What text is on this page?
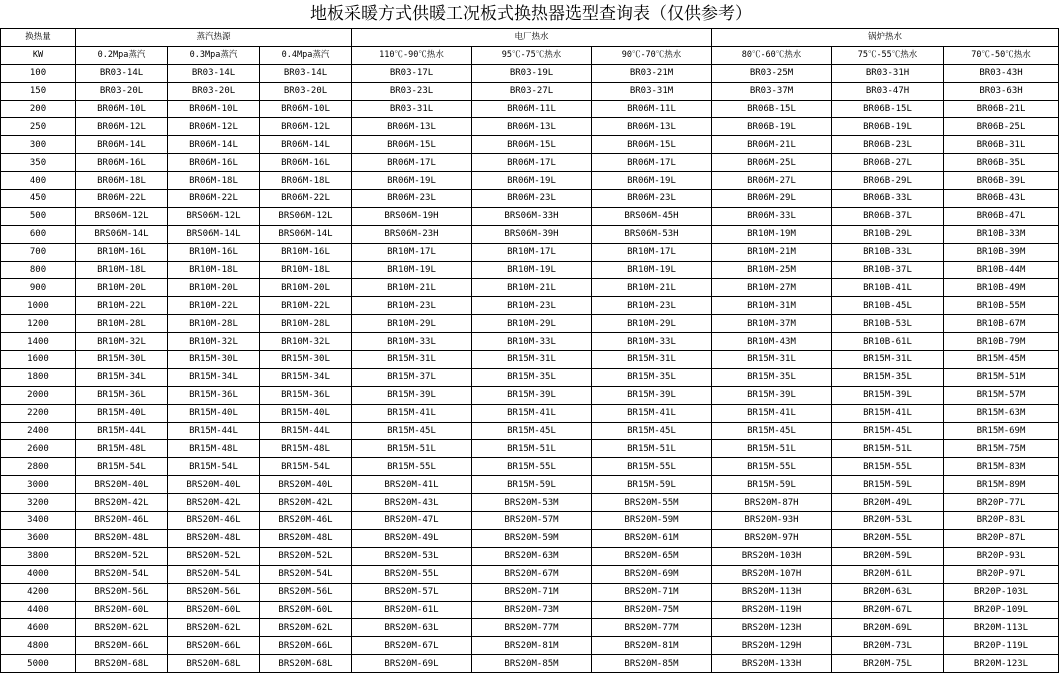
地板采暖方式供暖工况板式换热器选型查询表（仅供参考）
换热量	蒸汽热源			电厂热水			锅炉热水		
KW	0.2Mpa蒸汽	0.3Mpa蒸汽	0.4Mpa蒸汽	110℃-90℃热水	95℃-75℃热水	90℃-70℃热水	80℃-60℃热水	75℃-55℃热水	70℃-50℃热水
100	BR03-14L	BR03-14L	BR03-14L	BR03-17L	BR03-19L	BR03-21M	BR03-25M	BR03-31H	BR03-43H
150	BR03-20L	BR03-20L	BR03-20L	BR03-23L	BR03-27L	BR03-31M	BR03-37M	BR03-47H	BR03-63H
200	BR06M-10L	BR06M-10L	BR06M-10L	BR03-31L	BR06M-11L	BR06M-11L	BR06B-15L	BR06B-15L	BR06B-21L
250	BR06M-12L	BR06M-12L	BR06M-12L	BR06M-13L	BR06M-13L	BR06M-13L	BR06B-19L	BR06B-19L	BR06B-25L
300	BR06M-14L	BR06M-14L	BR06M-14L	BR06M-15L	BR06M-15L	BR06M-15L	BR06M-21L	BR06B-23L	BR06B-31L
350	BR06M-16L	BR06M-16L	BR06M-16L	BR06M-17L	BR06M-17L	BR06M-17L	BR06M-25L	BR06B-27L	BR06B-35L
400	BR06M-18L	BR06M-18L	BR06M-18L	BR06M-19L	BR06M-19L	BR06M-19L	BR06M-27L	BR06B-29L	BR06B-39L
450	BR06M-22L	BR06M-22L	BR06M-22L	BR06M-23L	BR06M-23L	BR06M-23L	BR06M-29L	BR06B-33L	BR06B-43L
500	BRS06M-12L	BRS06M-12L	BRS06M-12L	BRS06M-19H	BRS06M-33H	BRS06M-45H	BR06M-33L	BR06B-37L	BR06B-47L
600	BRS06M-14L	BRS06M-14L	BRS06M-14L	BRS06M-23H	BRS06M-39H	BRS06M-53H	BR10M-19M	BR10B-29L	BR10B-33M
700	BR10M-16L	BR10M-16L	BR10M-16L	BR10M-17L	BR10M-17L	BR10M-17L	BR10M-21M	BR10B-33L	BR10B-39M
800	BR10M-18L	BR10M-18L	BR10M-18L	BR10M-19L	BR10M-19L	BR10M-19L	BR10M-25M	BR10B-37L	BR10B-44M
900	BR10M-20L	BR10M-20L	BR10M-20L	BR10M-21L	BR10M-21L	BR10M-21L	BR10M-27M	BR10B-41L	BR10B-49M
1000	BR10M-22L	BR10M-22L	BR10M-22L	BR10M-23L	BR10M-23L	BR10M-23L	BR10M-31M	BR10B-45L	BR10B-55M
1200	BR10M-28L	BR10M-28L	BR10M-28L	BR10M-29L	BR10M-29L	BR10M-29L	BR10M-37M	BR10B-53L	BR10B-67M
1400	BR10M-32L	BR10M-32L	BR10M-32L	BR10M-33L	BR10M-33L	BR10M-33L	BR10M-43M	BR10B-61L	BR10B-79M
1600	BR15M-30L	BR15M-30L	BR15M-30L	BR15M-31L	BR15M-31L	BR15M-31L	BR15M-31L	BR15M-31L	BR15M-45M
1800	BR15M-34L	BR15M-34L	BR15M-34L	BR15M-37L	BR15M-35L	BR15M-35L	BR15M-35L	BR15M-35L	BR15M-51M
2000	BR15M-36L	BR15M-36L	BR15M-36L	BR15M-39L	BR15M-39L	BR15M-39L	BR15M-39L	BR15M-39L	BR15M-57M
2200	BR15M-40L	BR15M-40L	BR15M-40L	BR15M-41L	BR15M-41L	BR15M-41L	BR15M-41L	BR15M-41L	BR15M-63M
2400	BR15M-44L	BR15M-44L	BR15M-44L	BR15M-45L	BR15M-45L	BR15M-45L	BR15M-45L	BR15M-45L	BR15M-69M
2600	BR15M-48L	BR15M-48L	BR15M-48L	BR15M-51L	BR15M-51L	BR15M-51L	BR15M-51L	BR15M-51L	BR15M-75M
2800	BR15M-54L	BR15M-54L	BR15M-54L	BR15M-55L	BR15M-55L	BR15M-55L	BR15M-55L	BR15M-55L	BR15M-83M
3000	BRS20M-40L	BRS20M-40L	BRS20M-40L	BRS20M-41L	BR15M-59L	BR15M-59L	BR15M-59L	BR15M-59L	BR15M-89M
3200	BRS20M-42L	BRS20M-42L	BRS20M-42L	BRS20M-43L	BRS20M-53M	BRS20M-55M	BRS20M-87H	BR20M-49L	BR20P-77L
3400	BRS20M-46L	BRS20M-46L	BRS20M-46L	BRS20M-47L	BRS20M-57M	BRS20M-59M	BRS20M-93H	BR20M-53L	BR20P-83L
3600	BRS20M-48L	BRS20M-48L	BRS20M-48L	BRS20M-49L	BRS20M-59M	BRS20M-61M	BRS20M-97H	BR20M-55L	BR20P-87L
3800	BRS20M-52L	BRS20M-52L	BRS20M-52L	BRS20M-53L	BRS20M-63M	BRS20M-65M	BRS20M-103H	BR20M-59L	BR20P-93L
4000	BRS20M-54L	BRS20M-54L	BRS20M-54L	BRS20M-55L	BRS20M-67M	BRS20M-69M	BRS20M-107H	BR20M-61L	BR20P-97L
4200	BRS20M-56L	BRS20M-56L	BRS20M-56L	BRS20M-57L	BRS20M-71M	BRS20M-71M	BRS20M-113H	BR20M-63L	BR20P-103L
4400	BRS20M-60L	BRS20M-60L	BRS20M-60L	BRS20M-61L	BRS20M-73M	BRS20M-75M	BRS20M-119H	BR20M-67L	BR20P-109L
4600	BRS20M-62L	BRS20M-62L	BRS20M-62L	BRS20M-63L	BRS20M-77M	BRS20M-77M	BRS20M-123H	BR20M-69L	BR20M-113L
4800	BRS20M-66L	BRS20M-66L	BRS20M-66L	BRS20M-67L	BRS20M-81M	BRS20M-81M	BRS20M-129H	BR20M-73L	BR20P-119L
5000	BRS20M-68L	BRS20M-68L	BRS20M-68L	BRS20M-69L	BRS20M-85M	BRS20M-85M	BRS20M-133H	BR20M-75L	BR20M-123L
